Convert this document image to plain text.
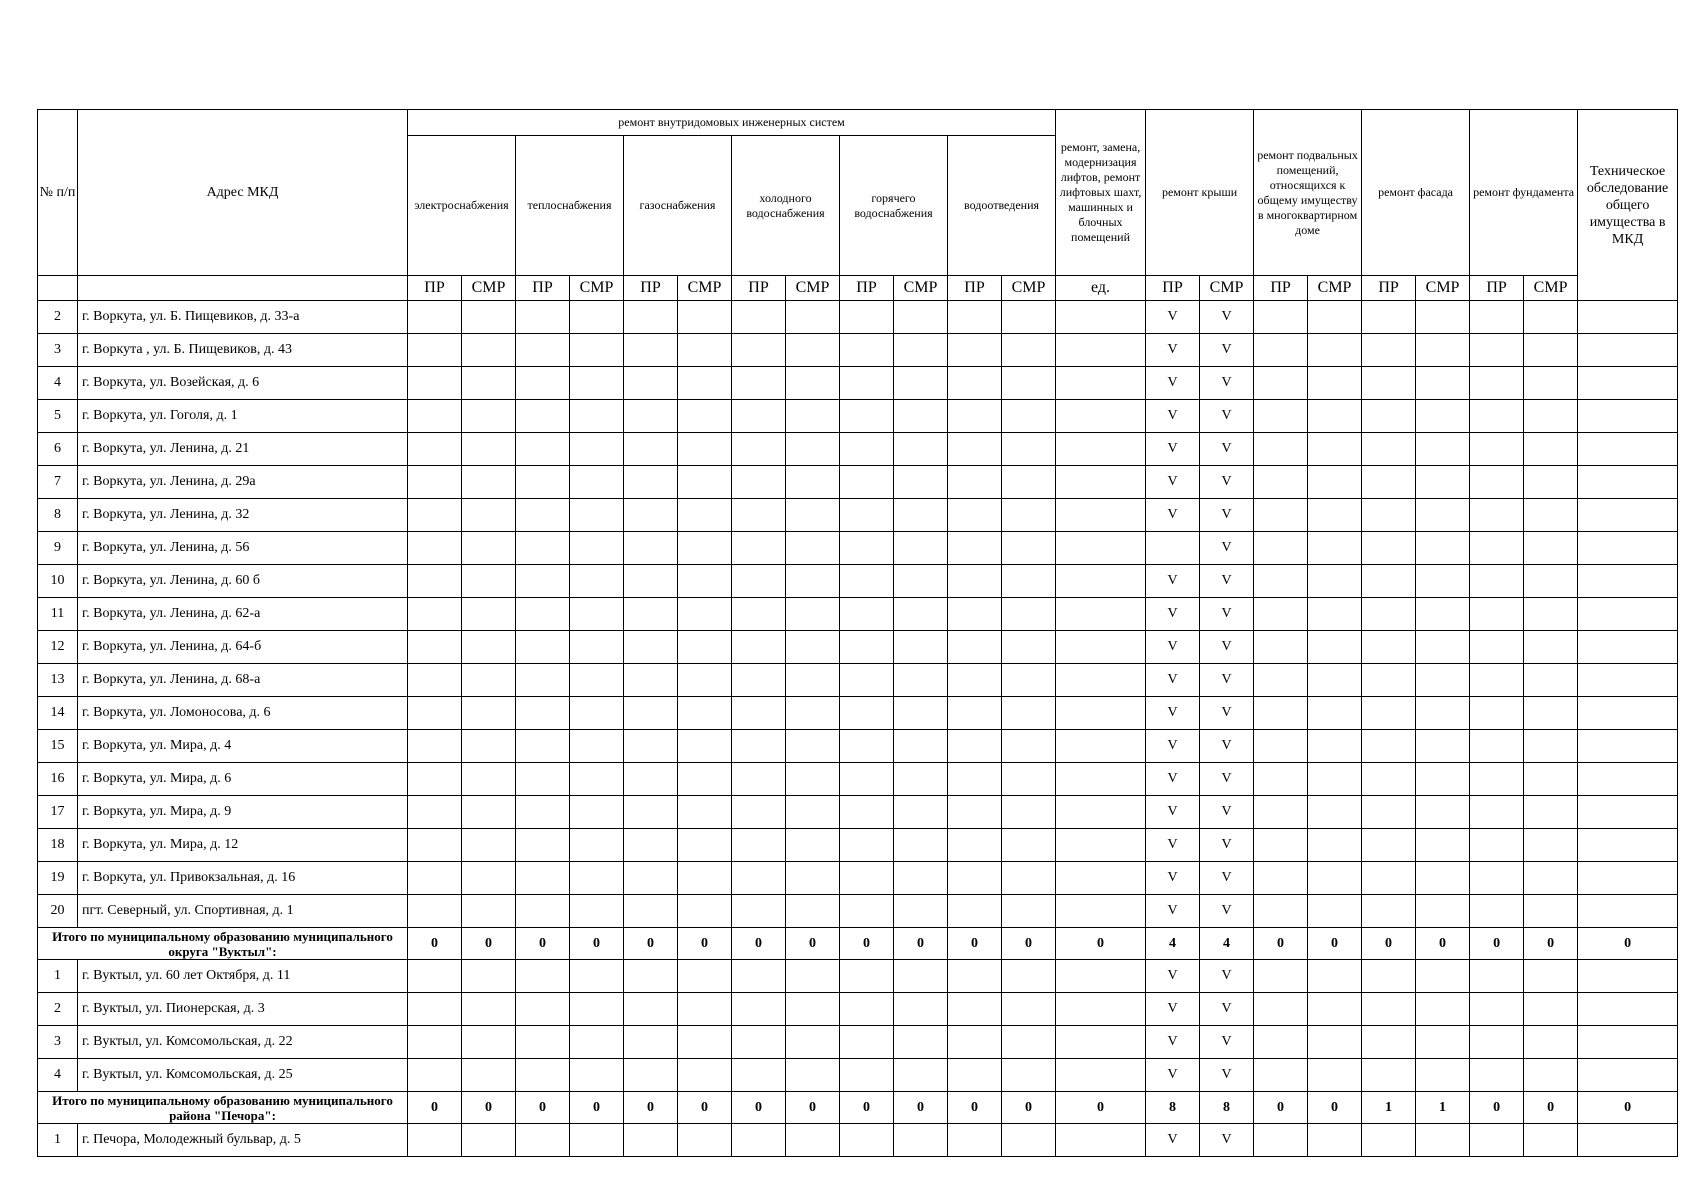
№ п/п	Адрес МКД	ремонт внутридомовых инженерных систем												ремонт, замена, модернизация лифтов, ремонт лифтовых шахт, машинных и блочных помещений	ремонт крыши		ремонт подвальных помещений, относящихся к общему имуществу в многоквартирном доме		ремонт фасада		ремонт фундамента		Техническое обследование общего имущества в МКД
		электроснабжения		теплоснабжения		газоснабжения		холодного водоснабжения		горячего водоснабжения		водоотведения											
		ПР	СМР	ПР	СМР	ПР	СМР	ПР	СМР	ПР	СМР	ПР	СМР	ед.	ПР	СМР	ПР	СМР	ПР	СМР	ПР	СМР	
2	г. Воркута, ул. Б. Пищевиков, д. 33-а														V	V							
3	г. Воркута , ул. Б. Пищевиков, д. 43														V	V							
4	г. Воркута, ул. Возейская, д. 6														V	V							
5	г. Воркута, ул. Гоголя, д. 1														V	V							
6	г. Воркута, ул. Ленина, д. 21														V	V							
7	г. Воркута, ул. Ленина, д. 29а														V	V							
8	г. Воркута, ул. Ленина, д. 32														V	V							
9	г. Воркута, ул. Ленина, д. 56															V							
10	г. Воркута, ул. Ленина, д. 60 б														V	V							
11	г. Воркута, ул. Ленина, д. 62-а														V	V							
12	г. Воркута, ул. Ленина, д. 64-б														V	V							
13	г. Воркута, ул. Ленина, д. 68-а														V	V							
14	г. Воркута, ул. Ломоносова, д. 6														V	V							
15	г. Воркута, ул. Мира, д. 4														V	V							
16	г. Воркута, ул. Мира, д. 6														V	V							
17	г. Воркута, ул. Мира, д. 9														V	V							
18	г. Воркута, ул. Мира, д. 12														V	V							
19	г. Воркута, ул. Привокзальная, д. 16														V	V							
20	пгт. Северный, ул. Спортивная, д. 1														V	V							
Итого по муниципальному образованию муниципального округа "Вуктыл":		0	0	0	0	0	0	0	0	0	0	0	0	0	4	4	0	0	0	0	0	0	0
1	г. Вуктыл, ул. 60 лет Октября, д. 11														V	V							
2	г. Вуктыл, ул. Пионерская, д. 3														V	V							
3	г. Вуктыл, ул. Комсомольская, д. 22														V	V							
4	г. Вуктыл, ул. Комсомольская, д. 25														V	V							
Итого по муниципальному образованию муниципального района "Печора":		0	0	0	0	0	0	0	0	0	0	0	0	0	8	8	0	0	1	1	0	0	0
1	г. Печора, Молодежный бульвар, д. 5														V	V							
